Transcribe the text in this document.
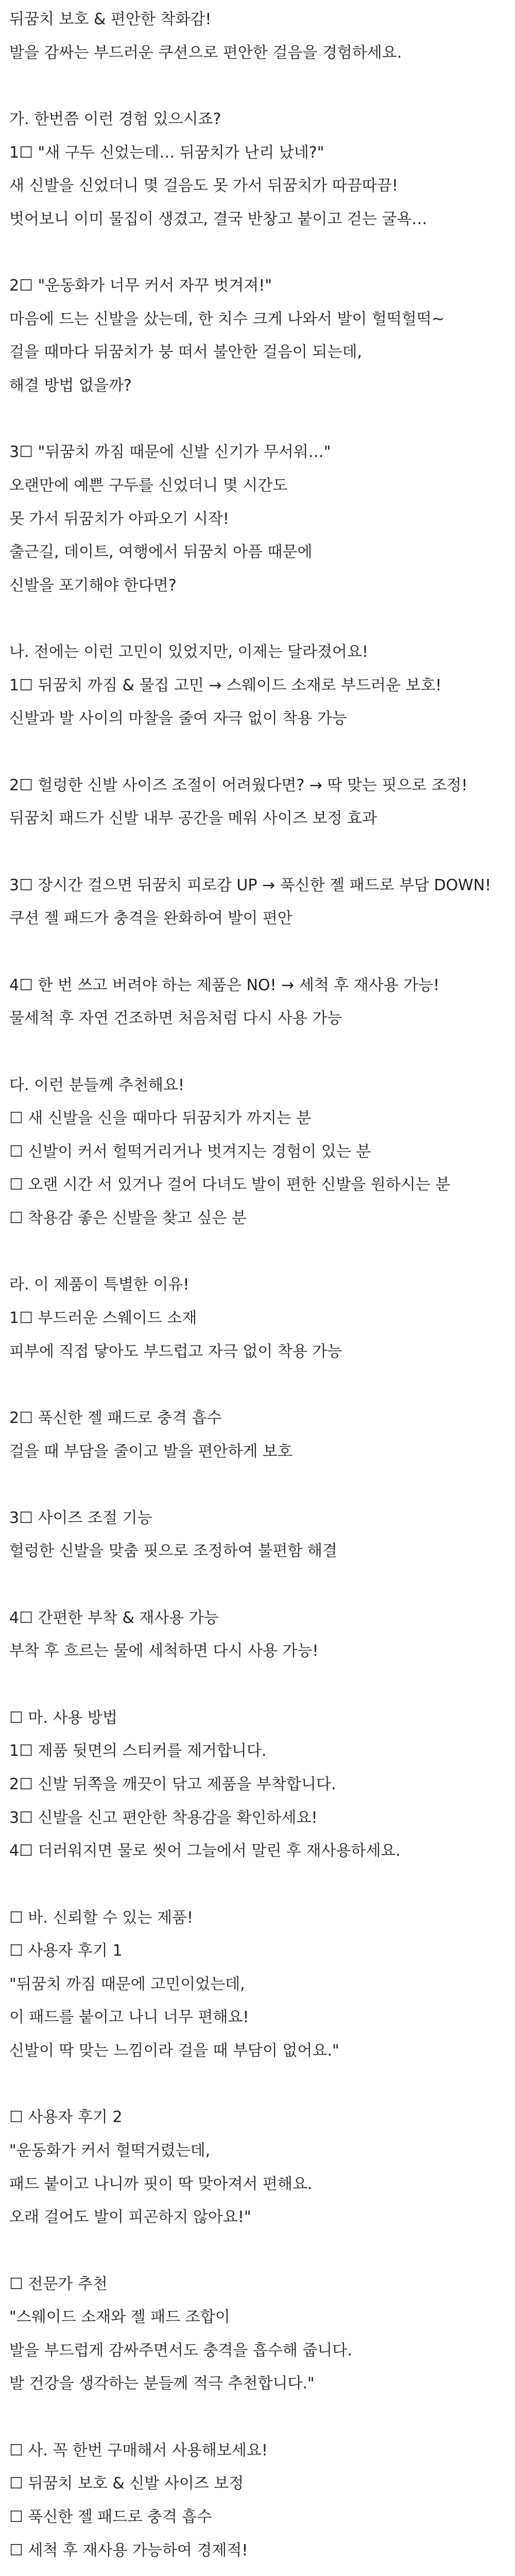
뒤꿈치 보호 & 편안한 착화감!
발을 감싸는 부드러운 쿠션으로 편안한 걸음을 경험하세요.
가. 한번쯤 이런 경험 있으시죠?
1☐ "새 구두 신었는데… 뒤꿈치가 난리 났네?"
새 신발을 신었더니 몇 걸음도 못 가서 뒤꿈치가 따끔따끔!
벗어보니 이미 물집이 생겼고, 결국 반창고 붙이고 걷는 굴욕…
2☐ "운동화가 너무 커서 자꾸 벗겨져!"
마음에 드는 신발을 샀는데, 한 치수 크게 나와서 발이 헐떡헐떡~
걸을 때마다 뒤꿈치가 붕 떠서 불안한 걸음이 되는데,
해결 방법 없을까?
3☐ "뒤꿈치 까짐 때문에 신발 신기가 무서워…"
오랜만에 예쁜 구두를 신었더니 몇 시간도
못 가서 뒤꿈치가 아파오기 시작!
출근길, 데이트, 여행에서 뒤꿈치 아픔 때문에
신발을 포기해야 한다면?
나. 전에는 이런 고민이 있었지만, 이제는 달라졌어요!
1☐ 뒤꿈치 까짐 & 물집 고민 → 스웨이드 소재로 부드러운 보호!
신발과 발 사이의 마찰을 줄여 자극 없이 착용 가능
2☐ 헐렁한 신발 사이즈 조절이 어려웠다면? → 딱 맞는 핏으로 조정!
뒤꿈치 패드가 신발 내부 공간을 메워 사이즈 보정 효과
3☐ 장시간 걸으면 뒤꿈치 피로감 UP → 푹신한 젤 패드로 부담 DOWN!
쿠션 젤 패드가 충격을 완화하여 발이 편안
4☐ 한 번 쓰고 버려야 하는 제품은 NO! → 세척 후 재사용 가능!
물세척 후 자연 건조하면 처음처럼 다시 사용 가능
다. 이런 분들께 추천해요!
☐ 새 신발을 신을 때마다 뒤꿈치가 까지는 분
☐ 신발이 커서 헐떡거리거나 벗겨지는 경험이 있는 분
☐ 오랜 시간 서 있거나 걸어 다녀도 발이 편한 신발을 원하시는 분
☐ 착용감 좋은 신발을 찾고 싶은 분
라. 이 제품이 특별한 이유!
1☐ 부드러운 스웨이드 소재
피부에 직접 닿아도 부드럽고 자극 없이 착용 가능
2☐ 푹신한 젤 패드로 충격 흡수
걸을 때 부담을 줄이고 발을 편안하게 보호
3☐ 사이즈 조절 기능
헐렁한 신발을 맞춤 핏으로 조정하여 불편함 해결
4☐ 간편한 부착 & 재사용 가능
부착 후 흐르는 물에 세척하면 다시 사용 가능!
☐ 마. 사용 방법
1☐ 제품 뒷면의 스티커를 제거합니다.
2☐ 신발 뒤쪽을 깨끗이 닦고 제품을 부착합니다.
3☐ 신발을 신고 편안한 착용감을 확인하세요!
4☐ 더러워지면 물로 씻어 그늘에서 말린 후 재사용하세요.
☐ 바. 신뢰할 수 있는 제품!
☐ 사용자 후기 1
"뒤꿈치 까짐 때문에 고민이었는데,
이 패드를 붙이고 나니 너무 편해요!
신발이 딱 맞는 느낌이라 걸을 때 부담이 없어요."
☐ 사용자 후기 2
"운동화가 커서 헐떡거렸는데,
패드 붙이고 나니까 핏이 딱 맞아져서 편해요.
오래 걸어도 발이 피곤하지 않아요!"
☐ 전문가 추천
"스웨이드 소재와 젤 패드 조합이
발을 부드럽게 감싸주면서도 충격을 흡수해 줍니다.
발 건강을 생각하는 분들께 적극 추천합니다."
☐ 사. 꼭 한번 구매해서 사용해보세요!
☐ 뒤꿈치 보호 & 신발 사이즈 보정
☐ 푹신한 젤 패드로 충격 흡수
☐ 세척 후 재사용 가능하여 경제적!
